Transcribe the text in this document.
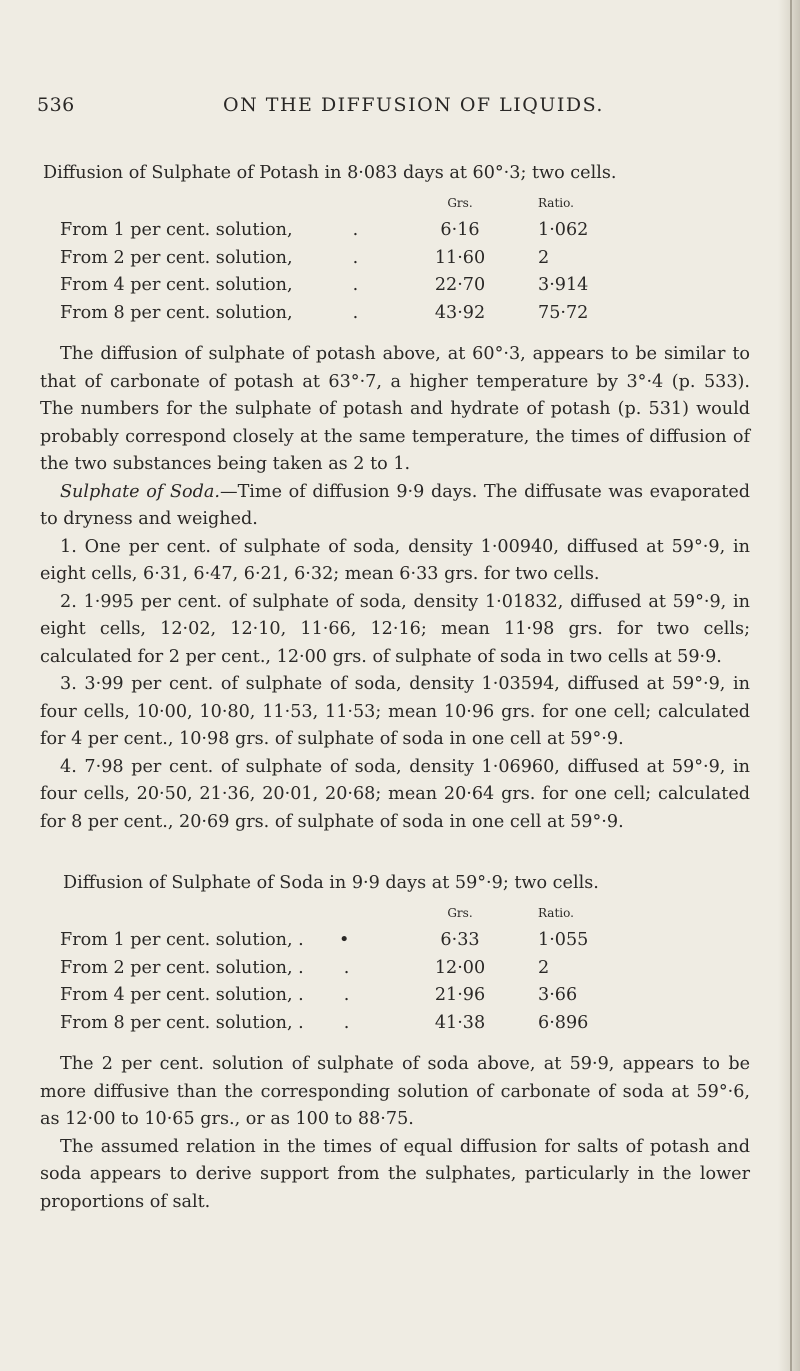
536	ON THE DIFFUSION OF LIQUIDS.
Diffusion of Sulphate of Potash in 8·083 days at 60°·3; two cells.
	Grs.	Ratio.
From 1 per cent. solution, .	6·16	1·062
From 2 per cent. solution, .	11·60	2
From 4 per cent. solution, .	22·70	3·914
From 8 per cent. solution, .	43·92	75·72

The diffusion of sulphate of potash above, at 60°·3, appears to be similar to that of carbonate of potash at 63°·7, a higher temperature by 3°·4 (p. 533). The numbers for the sulphate of potash and hydrate of potash (p. 531) would probably correspond closely at the same temperature, the times of diffusion of the two substances being taken as 2 to 1.

Sulphate of Soda.—Time of diffusion 9·9 days. The diffusate was evaporated to dryness and weighed.

1. One per cent. of sulphate of soda, density 1·00940, diffused at 59°·9, in eight cells, 6·31, 6·47, 6·21, 6·32; mean 6·33 grs. for two cells.

2. 1·995 per cent. of sulphate of soda, density 1·01832, diffused at 59°·9, in eight cells, 12·02, 12·10, 11·66, 12·16; mean 11·98 grs. for two cells; calculated for 2 per cent., 12·00 grs. of sulphate of soda in two cells at 59·9.

3. 3·99 per cent. of sulphate of soda, density 1·03594, diffused at 59°·9, in four cells, 10·00, 10·80, 11·53, 11·53; mean 10·96 grs. for one cell; calculated for 4 per cent., 10·98 grs. of sulphate of soda in one cell at 59°·9.

4. 7·98 per cent. of sulphate of soda, density 1·06960, diffused at 59°·9, in four cells, 20·50, 21·36, 20·01, 20·68; mean 20·64 grs. for one cell; calculated for 8 per cent., 20·69 grs. of sulphate of soda in one cell at 59°·9.

Diffusion of Sulphate of Soda in 9·9 days at 59°·9; two cells.
	Grs.	Ratio.
From 1 per cent. solution, . •	6·33	1·055
From 2 per cent. solution, . .	12·00	2
From 4 per cent. solution, . .	21·96	3·66
From 8 per cent. solution, . .	41·38	6·896

The 2 per cent. solution of sulphate of soda above, at 59·9, appears to be more diffusive than the corresponding solution of carbonate of soda at 59°·6, as 12·00 to 10·65 grs., or as 100 to 88·75.

The assumed relation in the times of equal diffusion for salts of potash and soda appears to derive support from the sulphates, particularly in the lower proportions of salt.
